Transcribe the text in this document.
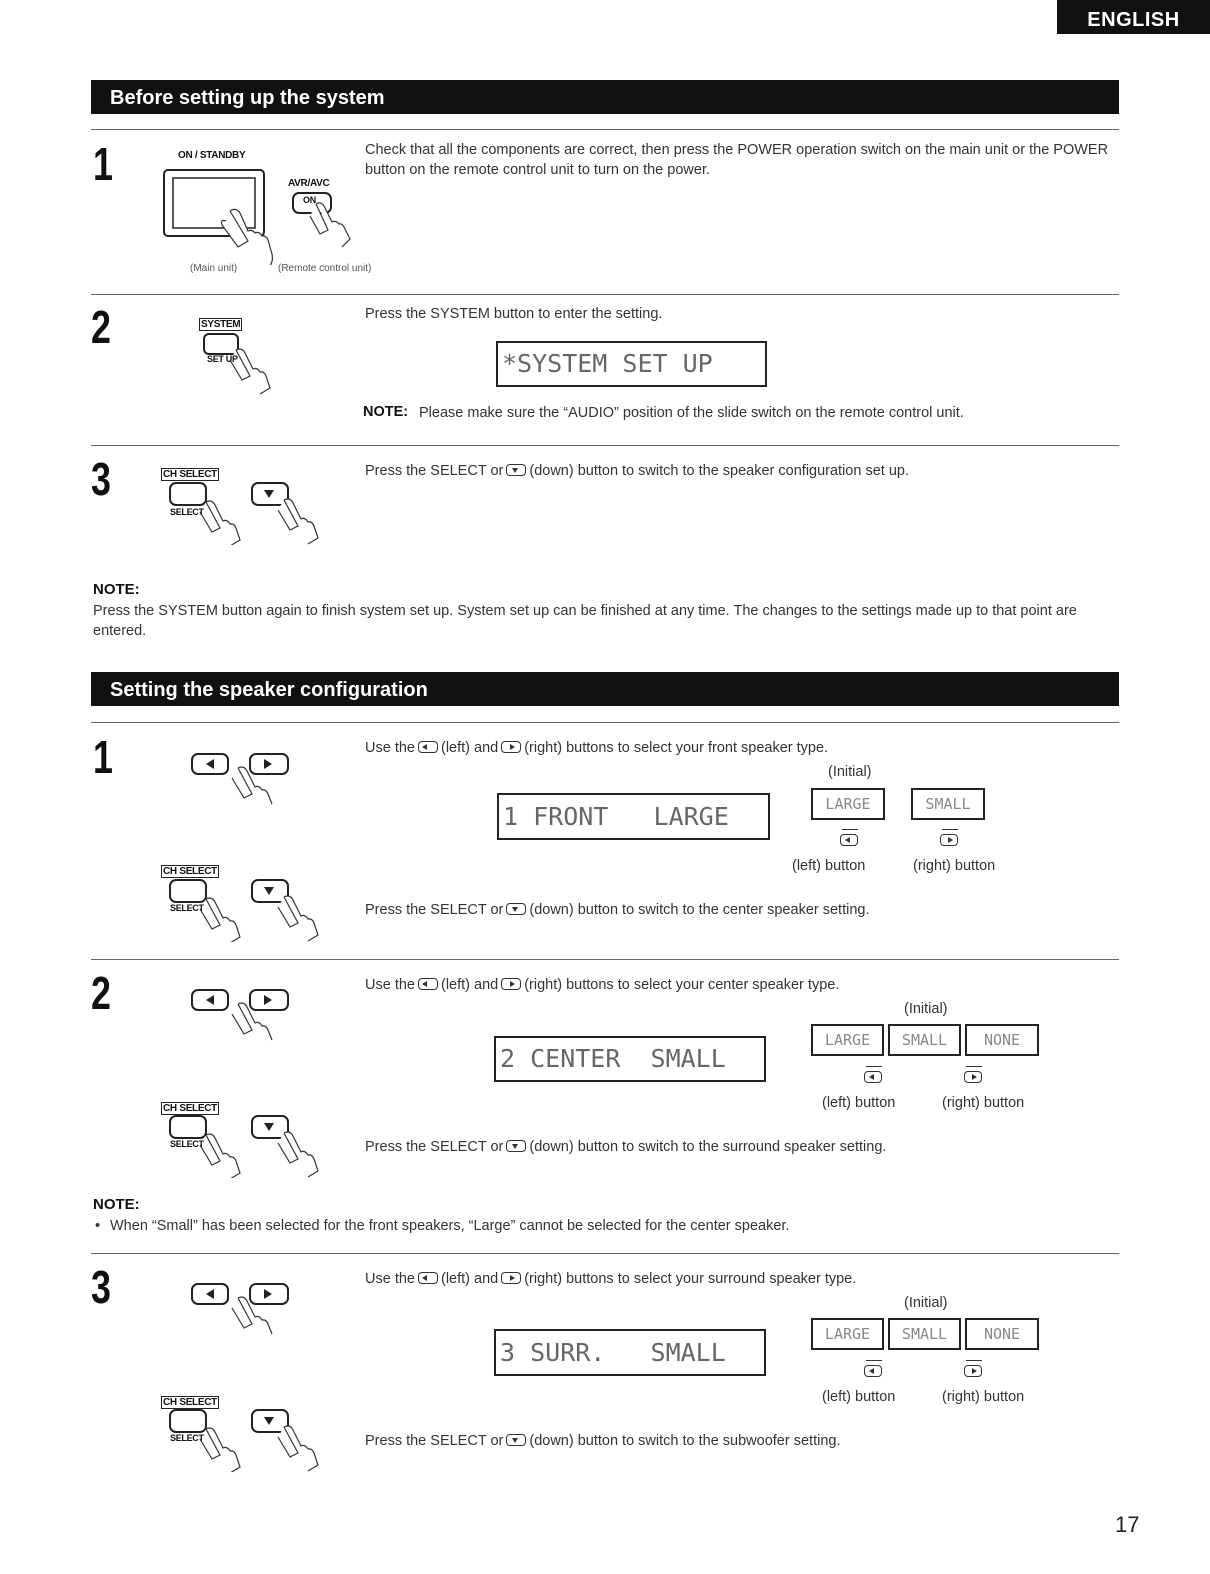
ENGLISH
Before setting up the system
1	ON / STANDBY
AVR/AVC
ON
(Main unit)	(Remote control unit)
Check that all the components are correct, then press the POWER operation switch on the main unit or the POWER button on the remote control unit to turn on the power.
2	SYSTEM
SET UP
Press the SYSTEM button to enter the setting.
*SYSTEM SET UP
NOTE: Please make sure the “AUDIO” position of the slide switch on the remote control unit.
3	CH SELECT
SELECT
Press the SELECT or (down) button to switch to the speaker configuration set up.
NOTE:
Press the SYSTEM button again to finish system set up. System set up can be finished at any time. The changes to the settings made up to that point are entered.
Setting the speaker configuration
1	Use the (left) and (right) buttons to select your front speaker type.
(Initial)
1 FRONT   LARGE	LARGE	SMALL
(left) button	(right) button
CH SELECT
SELECT	Press the SELECT or (down) button to switch to the center speaker setting.
2	Use the (left) and (right) buttons to select your center speaker type.
(Initial)
2 CENTER  SMALL
LARGE	SMALL	NONE
(left) button	(right) button
CH SELECT
SELECT	Press the SELECT or (down) button to switch to the surround speaker setting.
NOTE:
• When “Small” has been selected for the front speakers, “Large” cannot be selected for the center speaker.
3	Use the (left) and (right) buttons to select your surround speaker type.
(Initial)
3 SURR.   SMALL
LARGE	SMALL	NONE
(left) button	(right) button
CH SELECT
SELECT	Press the SELECT or (down) button to switch to the subwoofer setting.
17
